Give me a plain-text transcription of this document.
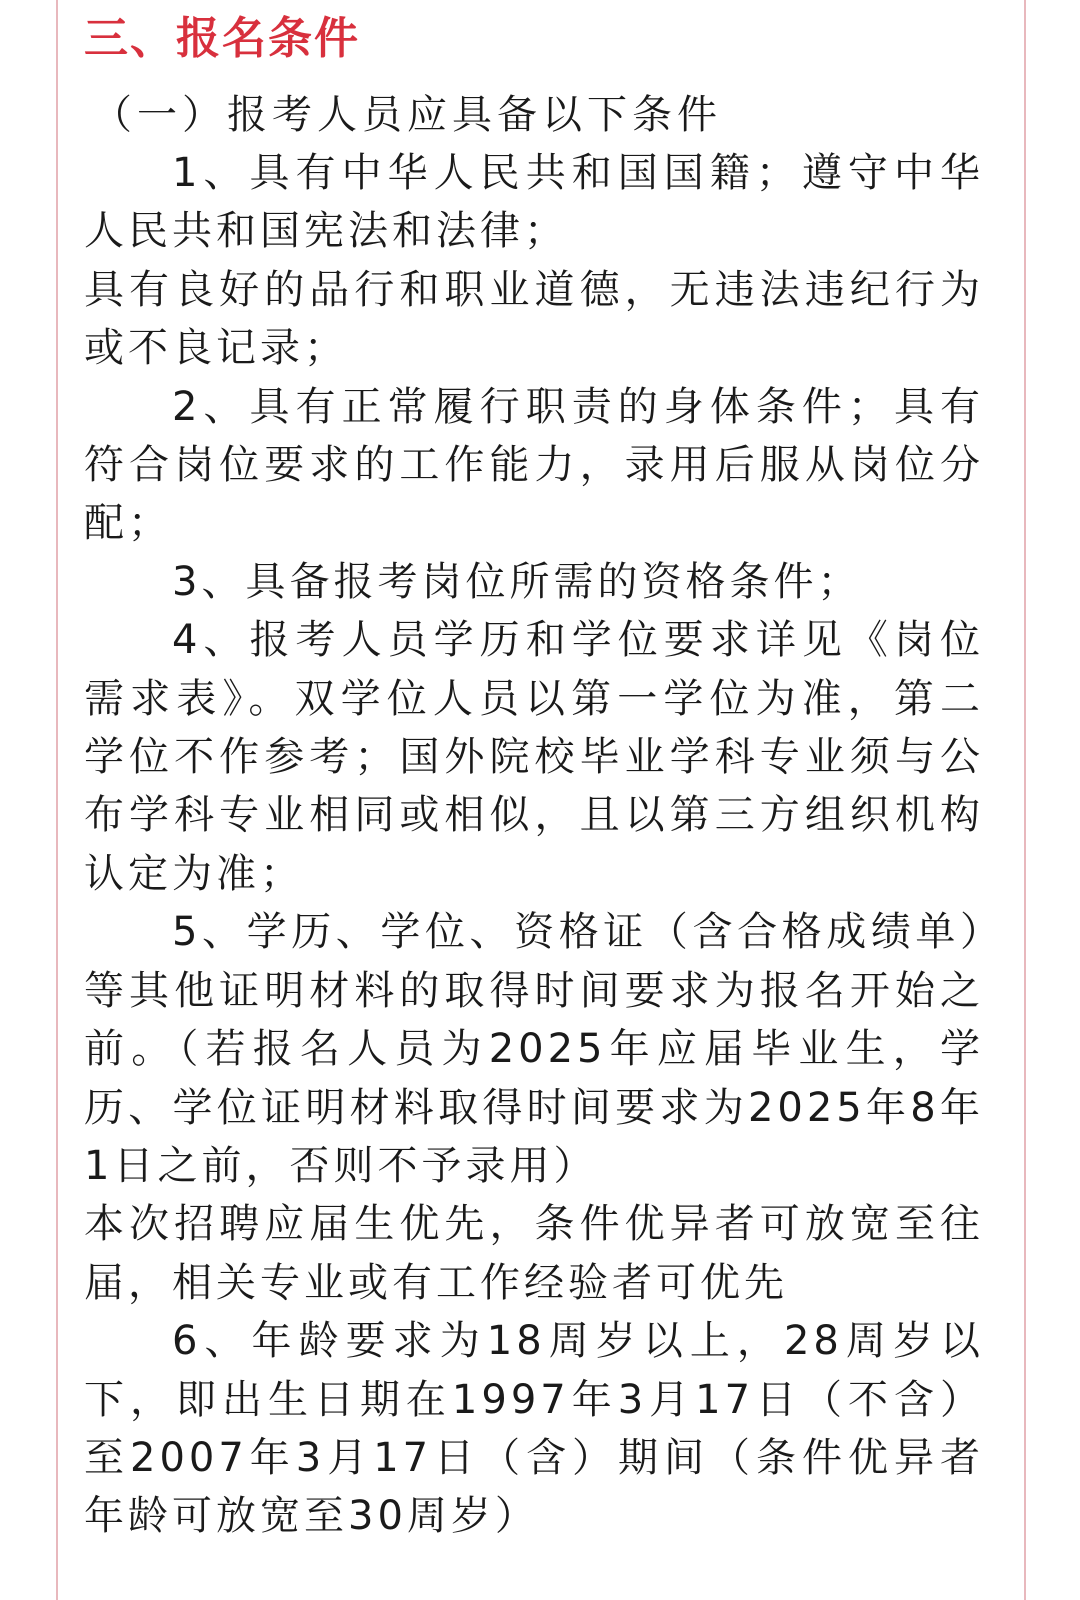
三、报名条件

（一）报考人员应具备以下条件

1、具有中华人民共和国国籍；遵守中华人民共和国宪法和法律；

具有良好的品行和职业道德，无违法违纪行为或不良记录；

2、具有正常履行职责的身体条件；具有符合岗位要求的工作能力，录用后服从岗位分配；

3、具备报考岗位所需的资格条件；

4、报考人员学历和学位要求详见《岗位需求表》。双学位人员以第一学位为准，第二学位不作参考；国外院校毕业学科专业须与公布学科专业相同或相似，且以第三方组织机构认定为准；

5、学历、学位、资格证（含合格成绩单）等其他证明材料的取得时间要求为报名开始之前。（若报名人员为2025年应届毕业生，学历、学位证明材料取得时间要求为2025年8年1日之前，否则不予录用）

本次招聘应届生优先，条件优异者可放宽至往届，相关专业或有工作经验者可优先

6、年龄要求为18周岁以上，28周岁以下，即出生日期在1997年3月17日（不含）至2007年3月17日（含）期间（条件优异者年龄可放宽至30周岁）
